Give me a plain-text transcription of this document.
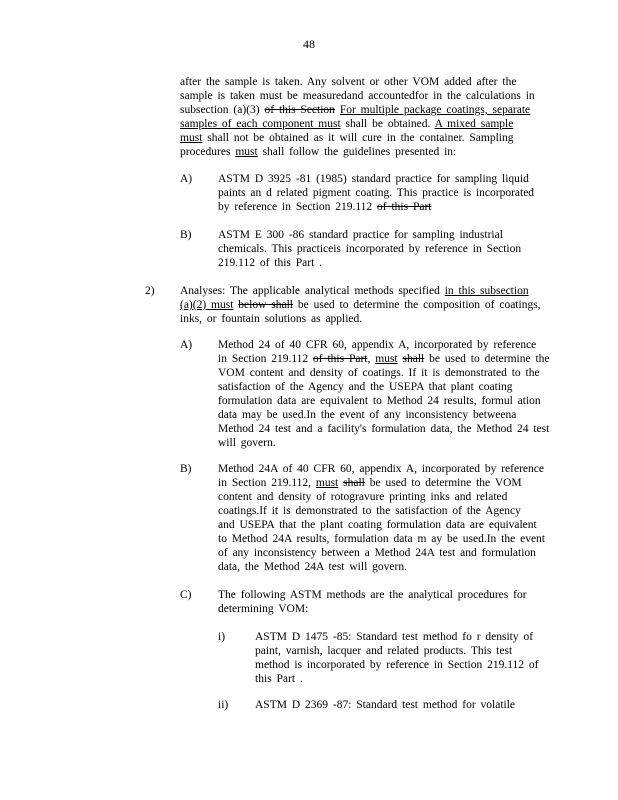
48
after the sample is taken. Any solvent or other VOM added after the
sample is taken must be measuredand accountedfor in the calculations in
subsection (a)(3) of this Section For multiple package coatings, separate
samples of each component must shall be obtained. A mixed sample
must shall not be obtained as it will cure in the container. Sampling
procedures must shall follow the guidelines presented in:
A) ASTM D 3925 -81 (1985) standard practice for sampling liquid
paints an d related pigment coating. This practice is incorporated
by reference in Section 219.112 of this Part
B) ASTM E 300 -86 standard practice for sampling industrial
chemicals. This practiceis incorporated by reference in Section
219.112 of this Part .
2) Analyses: The applicable analytical methods specified in this subsection
(a)(2) must below shall be used to determine the composition of coatings,
inks, or fountain solutions as applied.
A) Method 24 of 40 CFR 60, appendix A, incorporated by reference
in Section 219.112 of this Part, must shall be used to determine the
VOM content and density of coatings. If it is demonstrated to the
satisfaction of the Agency and the USEPA that plant coating
formulation data are equivalent to Method 24 results, formul ation
data may be used.In the event of any inconsistency betweena
Method 24 test and a facility's formulation data, the Method 24 test
will govern.
B) Method 24A of 40 CFR 60, appendix A, incorporated by reference
in Section 219.112, must shall be used to determine the VOM
content and density of rotogravure printing inks and related
coatings.If it is demonstrated to the satisfaction of the Agency
and USEPA that the plant coating formulation data are equivalent
to Method 24A results, formulation data m ay be used.In the event
of any inconsistency between a Method 24A test and formulation
data, the Method 24A test will govern.
C) The following ASTM methods are the analytical procedures for
determining VOM:
i)	ASTM D 1475 -85: Standard test method fo r density of
paint, varnish, lacquer and related products. This test
method is incorporated by reference in Section 219.112 of
this Part .
ii) ASTM D 2369 -87: Standard test method for volatile
